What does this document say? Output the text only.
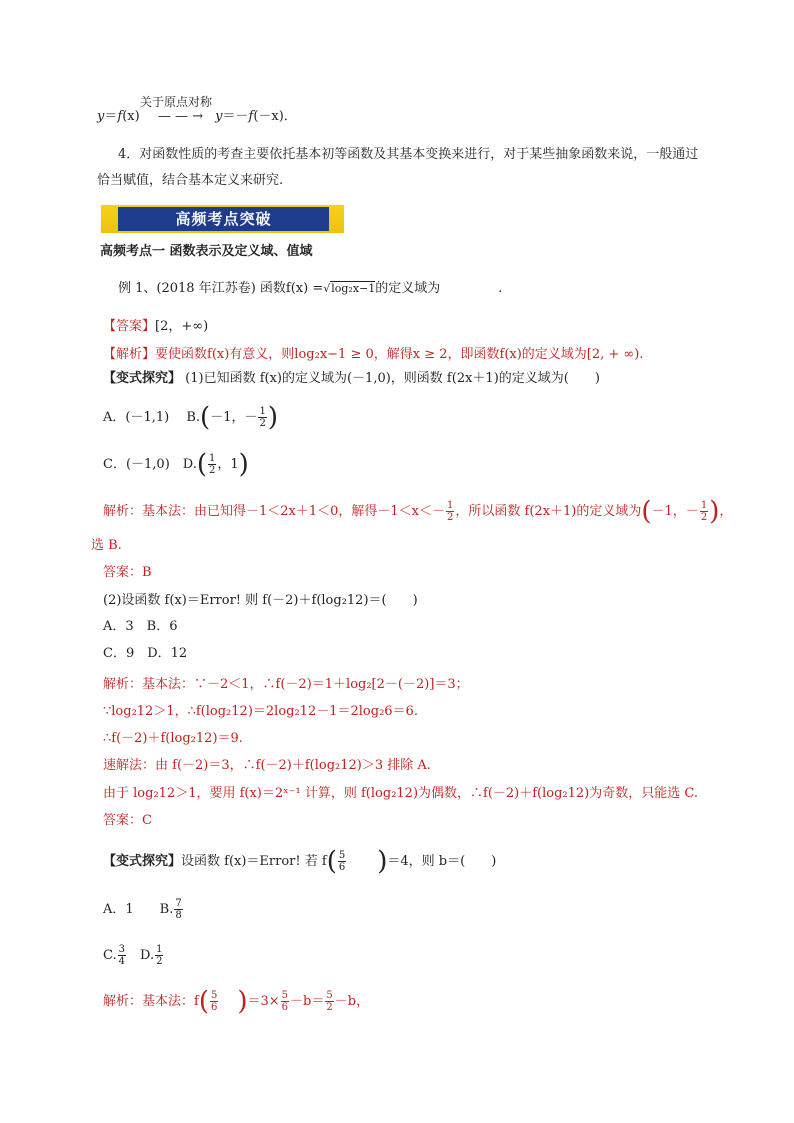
关于原点对称
y＝f(x) — — → y＝－f(－x)．
4．对函数性质的考查主要依托基本初等函数及其基本变换来进行，对于某些抽象函数来说，一般通过
恰当赋值，结合基本定义来研究.
高频考点突破
高频考点一 函数表示及定义域、值域
例 1、(2018 年江苏卷) 函数f(x) =√log₂x−1的定义域为	.
【答案】[2，+∞)
【解析】要使函数f(x)有意义，则log₂x−1 ≥ 0，解得x ≥ 2，即函数f(x)的定义域为[2, + ∞).
【变式探究】 (1)已知函数 f(x)的定义域为(－1,0)，则函数 f(2x＋1)的定义域为(　　)
A．(－1,1)　 B.(－1，－ $\frac{1}{2}$ )
C．(－1,0)　$D.( \frac{1}{2}$ ，1)
解析：基本法：由已知得－1＜2x＋1＜0，解得$-1<x<- \frac{1}{2}$ ，所以函数 f(2x＋1)的定义域为(－1，－ $\frac{1}{2}$ )，
选 B.
答案：B
(2)设函数 f(x)＝Error! 则 f(－2)＋f(log₂12)＝(　　)
A．3　B．6
C．9　D．12
解析：基本法：∵－2＜1，∴f(－2)＝1＋log₂[2－(－2)]＝3；
∵log₂12＞1，∴f(log₂12)＝2log₂12－1＝2log₂6＝6.
∴f(－2)＋f(log₂12)＝9.
速解法：由 f(－2)＝3，∴f(－2)＋f(log₂12)＞3 排除 A.
由于 log₂12＞1，要用 f(x)＝2ˣ⁻¹ 计算，则 f(log₂12)为偶数，∴f(－2)＋f(log₂12)为奇数，只能选 C.
答案：C
【变式探究】设函数 f(x)＝Error! 若 $f( \frac{5}{6} )=4$，则 b＝(　　)
A．1　　B. $\frac{7}{8}$
C. $\frac{3}{4}$ 　D. $\frac{1}{2}$
解析：基本法：$f( \frac{5}{6} )=3\times \frac{5}{6} -b= \frac{5}{2} -b$，
